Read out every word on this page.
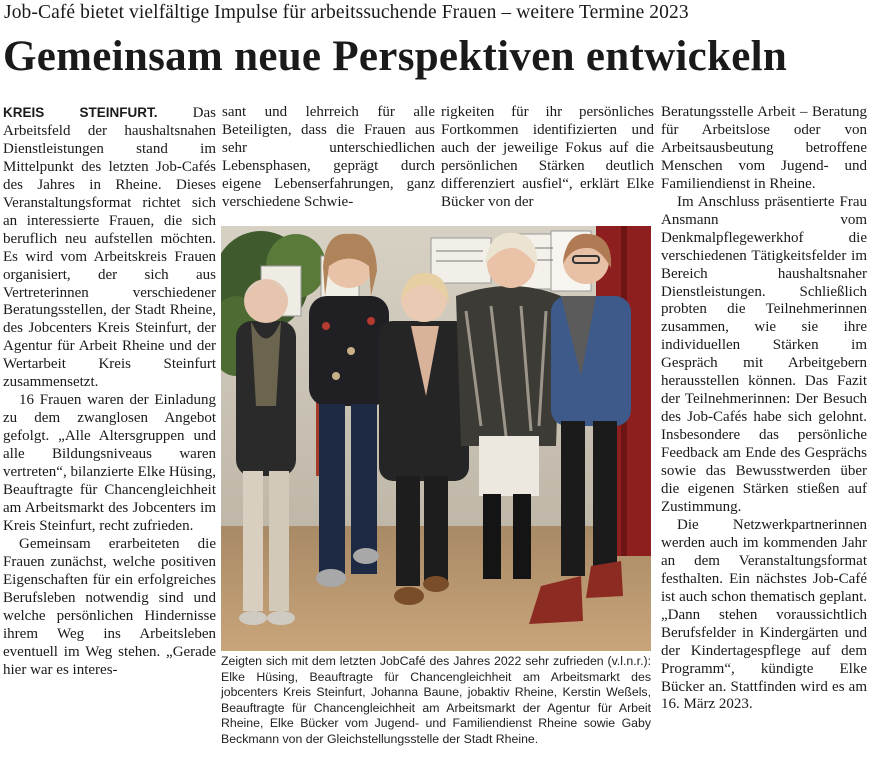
Job-Café bietet vielfältige Impulse für arbeitssuchende Frauen – weitere Termine 2023
Gemeinsam neue Perspektiven entwickeln

KREIS STEINFURT. Das Arbeitsfeld der haushaltsnahen Dienstleistungen stand im Mittelpunkt des letzten Job-Cafés des Jahres in Rheine. Dieses Veranstaltungsformat richtet sich an interessierte Frauen, die sich beruflich neu aufstellen möchten. Es wird vom Arbeitskreis Frauen organisiert, der sich aus Vertreterinnen verschiedener Beratungsstellen, der Stadt Rheine, des Jobcenters Kreis Steinfurt, der Agentur für Arbeit Rheine und der Wertarbeit Kreis Steinfurt zusammensetzt.

16 Frauen waren der Einladung zu dem zwanglosen Angebot gefolgt. „Alle Altersgruppen und alle Bildungsniveaus waren vertreten“, bilanzierte Elke Hüsing, Beauftragte für Chancengleichheit am Arbeitsmarkt des Jobcenters im Kreis Steinfurt, recht zufrieden.

Gemeinsam erarbeiteten die Frauen zunächst, welche positiven Eigenschaften für ein erfolgreiches Berufsleben notwendig sind und welche persönlichen Hindernisse ihrem Weg ins Arbeitsleben eventuell im Weg stehen. „Gerade hier war es interes-

sant und lehrreich für alle Beteiligten, dass die Frauen aus sehr unterschiedlichen Lebensphasen, geprägt durch eigene Lebenserfahrungen, ganz verschiedene Schwie-

rigkeiten für ihr persönliches Fortkommen identifizierten und auch der jeweilige Fokus auf die persönlichen Stärken deutlich differenziert ausfiel“, erklärt Elke Bücker von der

Beratungsstelle Arbeit – Beratung für Arbeitslose oder von Arbeitsausbeutung betroffene Menschen vom Jugend- und Familiendienst in Rheine.

Im Anschluss präsentierte Frau Ansmann vom Denkmalpflegewerkhof die verschiedenen Tätigkeitsfelder im Bereich haushaltsnaher Dienstleistungen. Schließlich probten die Teilnehmerinnen zusammen, wie sie ihre individuellen Stärken im Gespräch mit Arbeitgebern herausstellen können. Das Fazit der Teilnehmerinnen: Der Besuch des Job-Cafés habe sich gelohnt. Insbesondere das persönliche Feedback am Ende des Gesprächs sowie das Bewusstwerden über die eigenen Stärken stießen auf Zustimmung.

Die Netzwerkpartnerinnen werden auch im kommenden Jahr an dem Veranstaltungsformat festhalten. Ein nächstes Job-Café ist auch schon thematisch geplant. „Dann stehen voraussichtlich Berufsfelder in Kindergärten und der Kindertagespflege auf dem Programm“, kündigte Elke Bücker an. Stattfinden wird es am 16. März 2023.

Zeigten sich mit dem letzten JobCafé des Jahres 2022 sehr zufrieden (v.l.n.r.): Elke Hüsing, Beauftragte für Chancengleichheit am Arbeitsmarkt des jobcenters Kreis Steinfurt, Johanna Baune, jobaktiv Rheine, Kerstin Weßels, Beauftragte für Chancengleichheit am Arbeitsmarkt der Agentur für Arbeit Rheine, Elke Bücker vom Jugend- und Familiendienst Rheine sowie Gaby Beckmann von der Gleichstellungsstelle der Stadt Rheine.
